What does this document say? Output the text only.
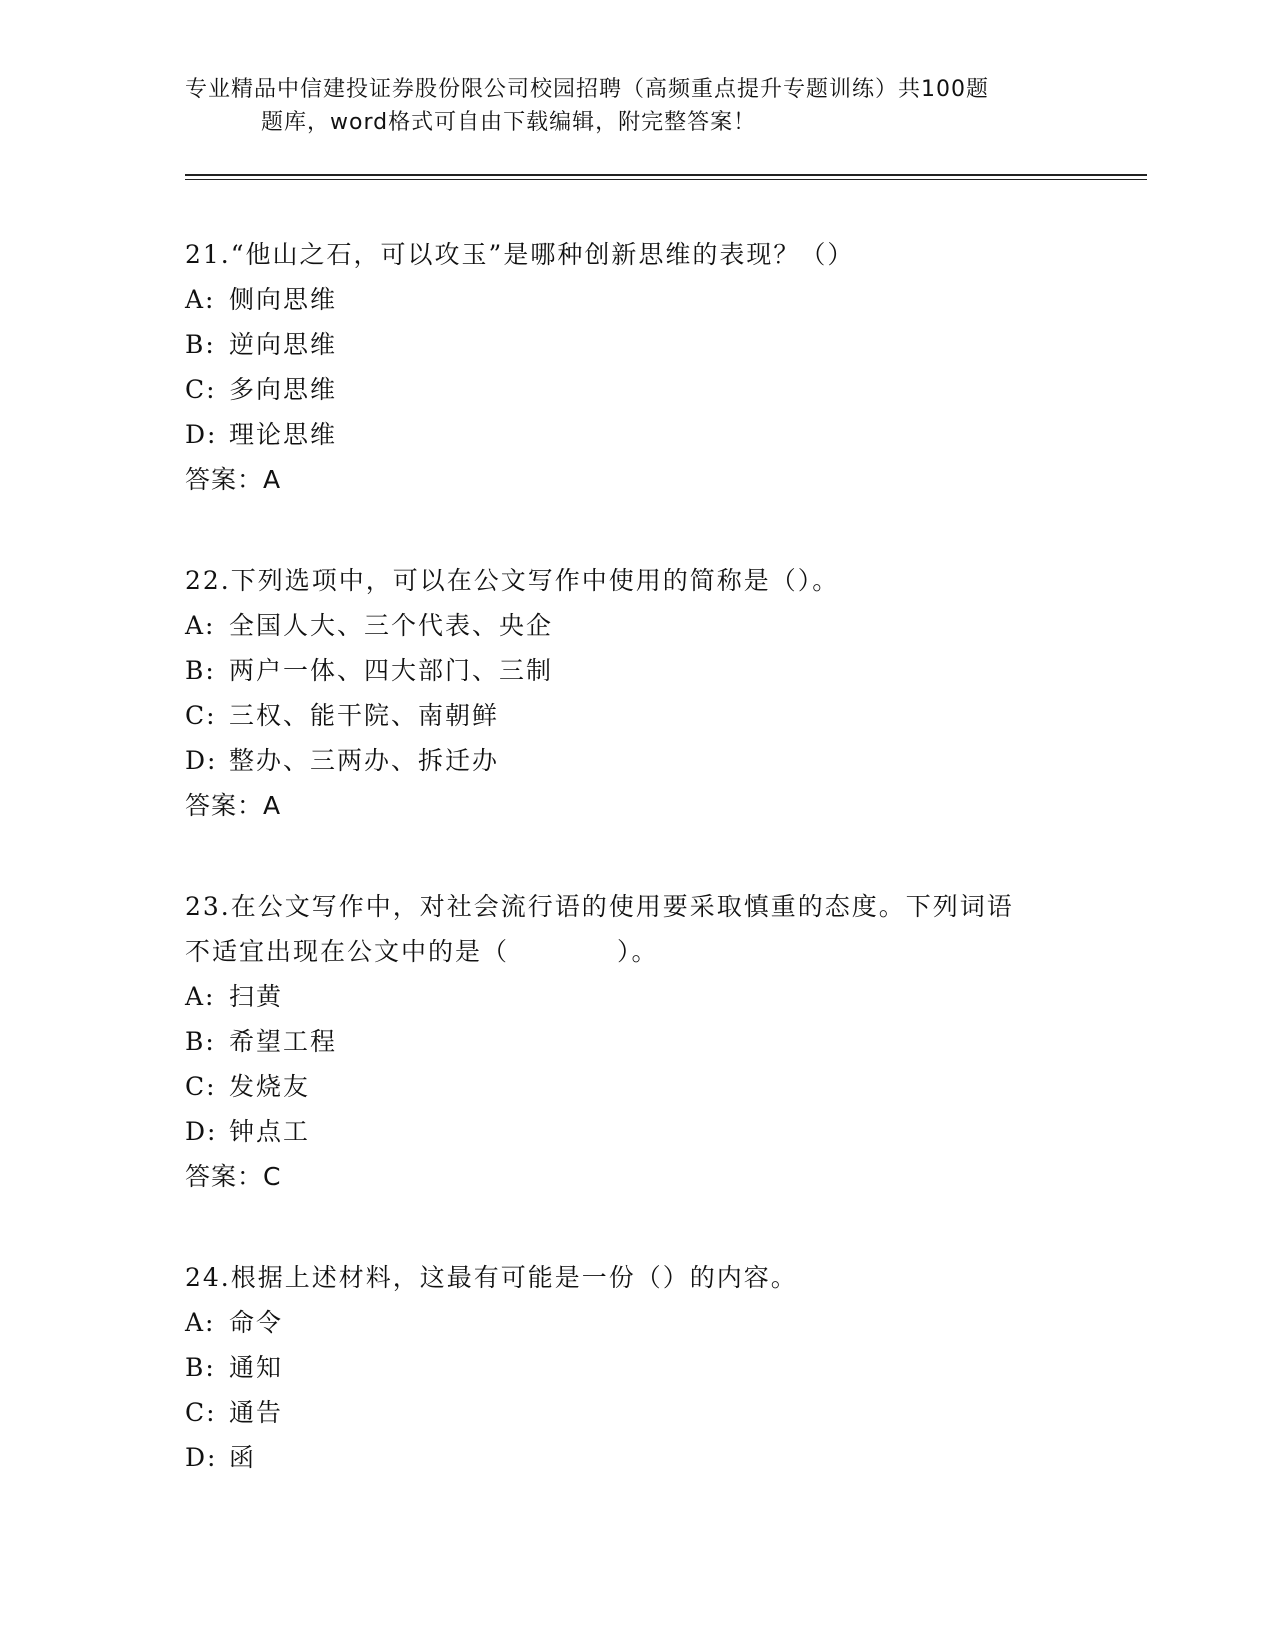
专业精品中信建投证券股份限公司校园招聘（高频重点提升专题训练）共100题
题库，word格式可自由下载编辑，附完整答案！

21.“他山之石，可以攻玉”是哪种创新思维的表现？（）

A: 侧向思维

B: 逆向思维

C: 多向思维

D: 理论思维

答案：A

22.下列选项中，可以在公文写作中使用的简称是（）。

A: 全国人大、三个代表、央企

B: 两户一体、四大部门、三制

C: 三权、能干院、南朝鲜

D: 整办、三两办、拆迁办

答案：A

23.在公文写作中，对社会流行语的使用要采取慎重的态度。下列词语
不适宜出现在公文中的是（　　　　）。

A: 扫黄

B: 希望工程

C: 发烧友

D: 钟点工

答案：C

24.根据上述材料，这最有可能是一份（）的内容。

A: 命令

B: 通知

C: 通告

D: 函
